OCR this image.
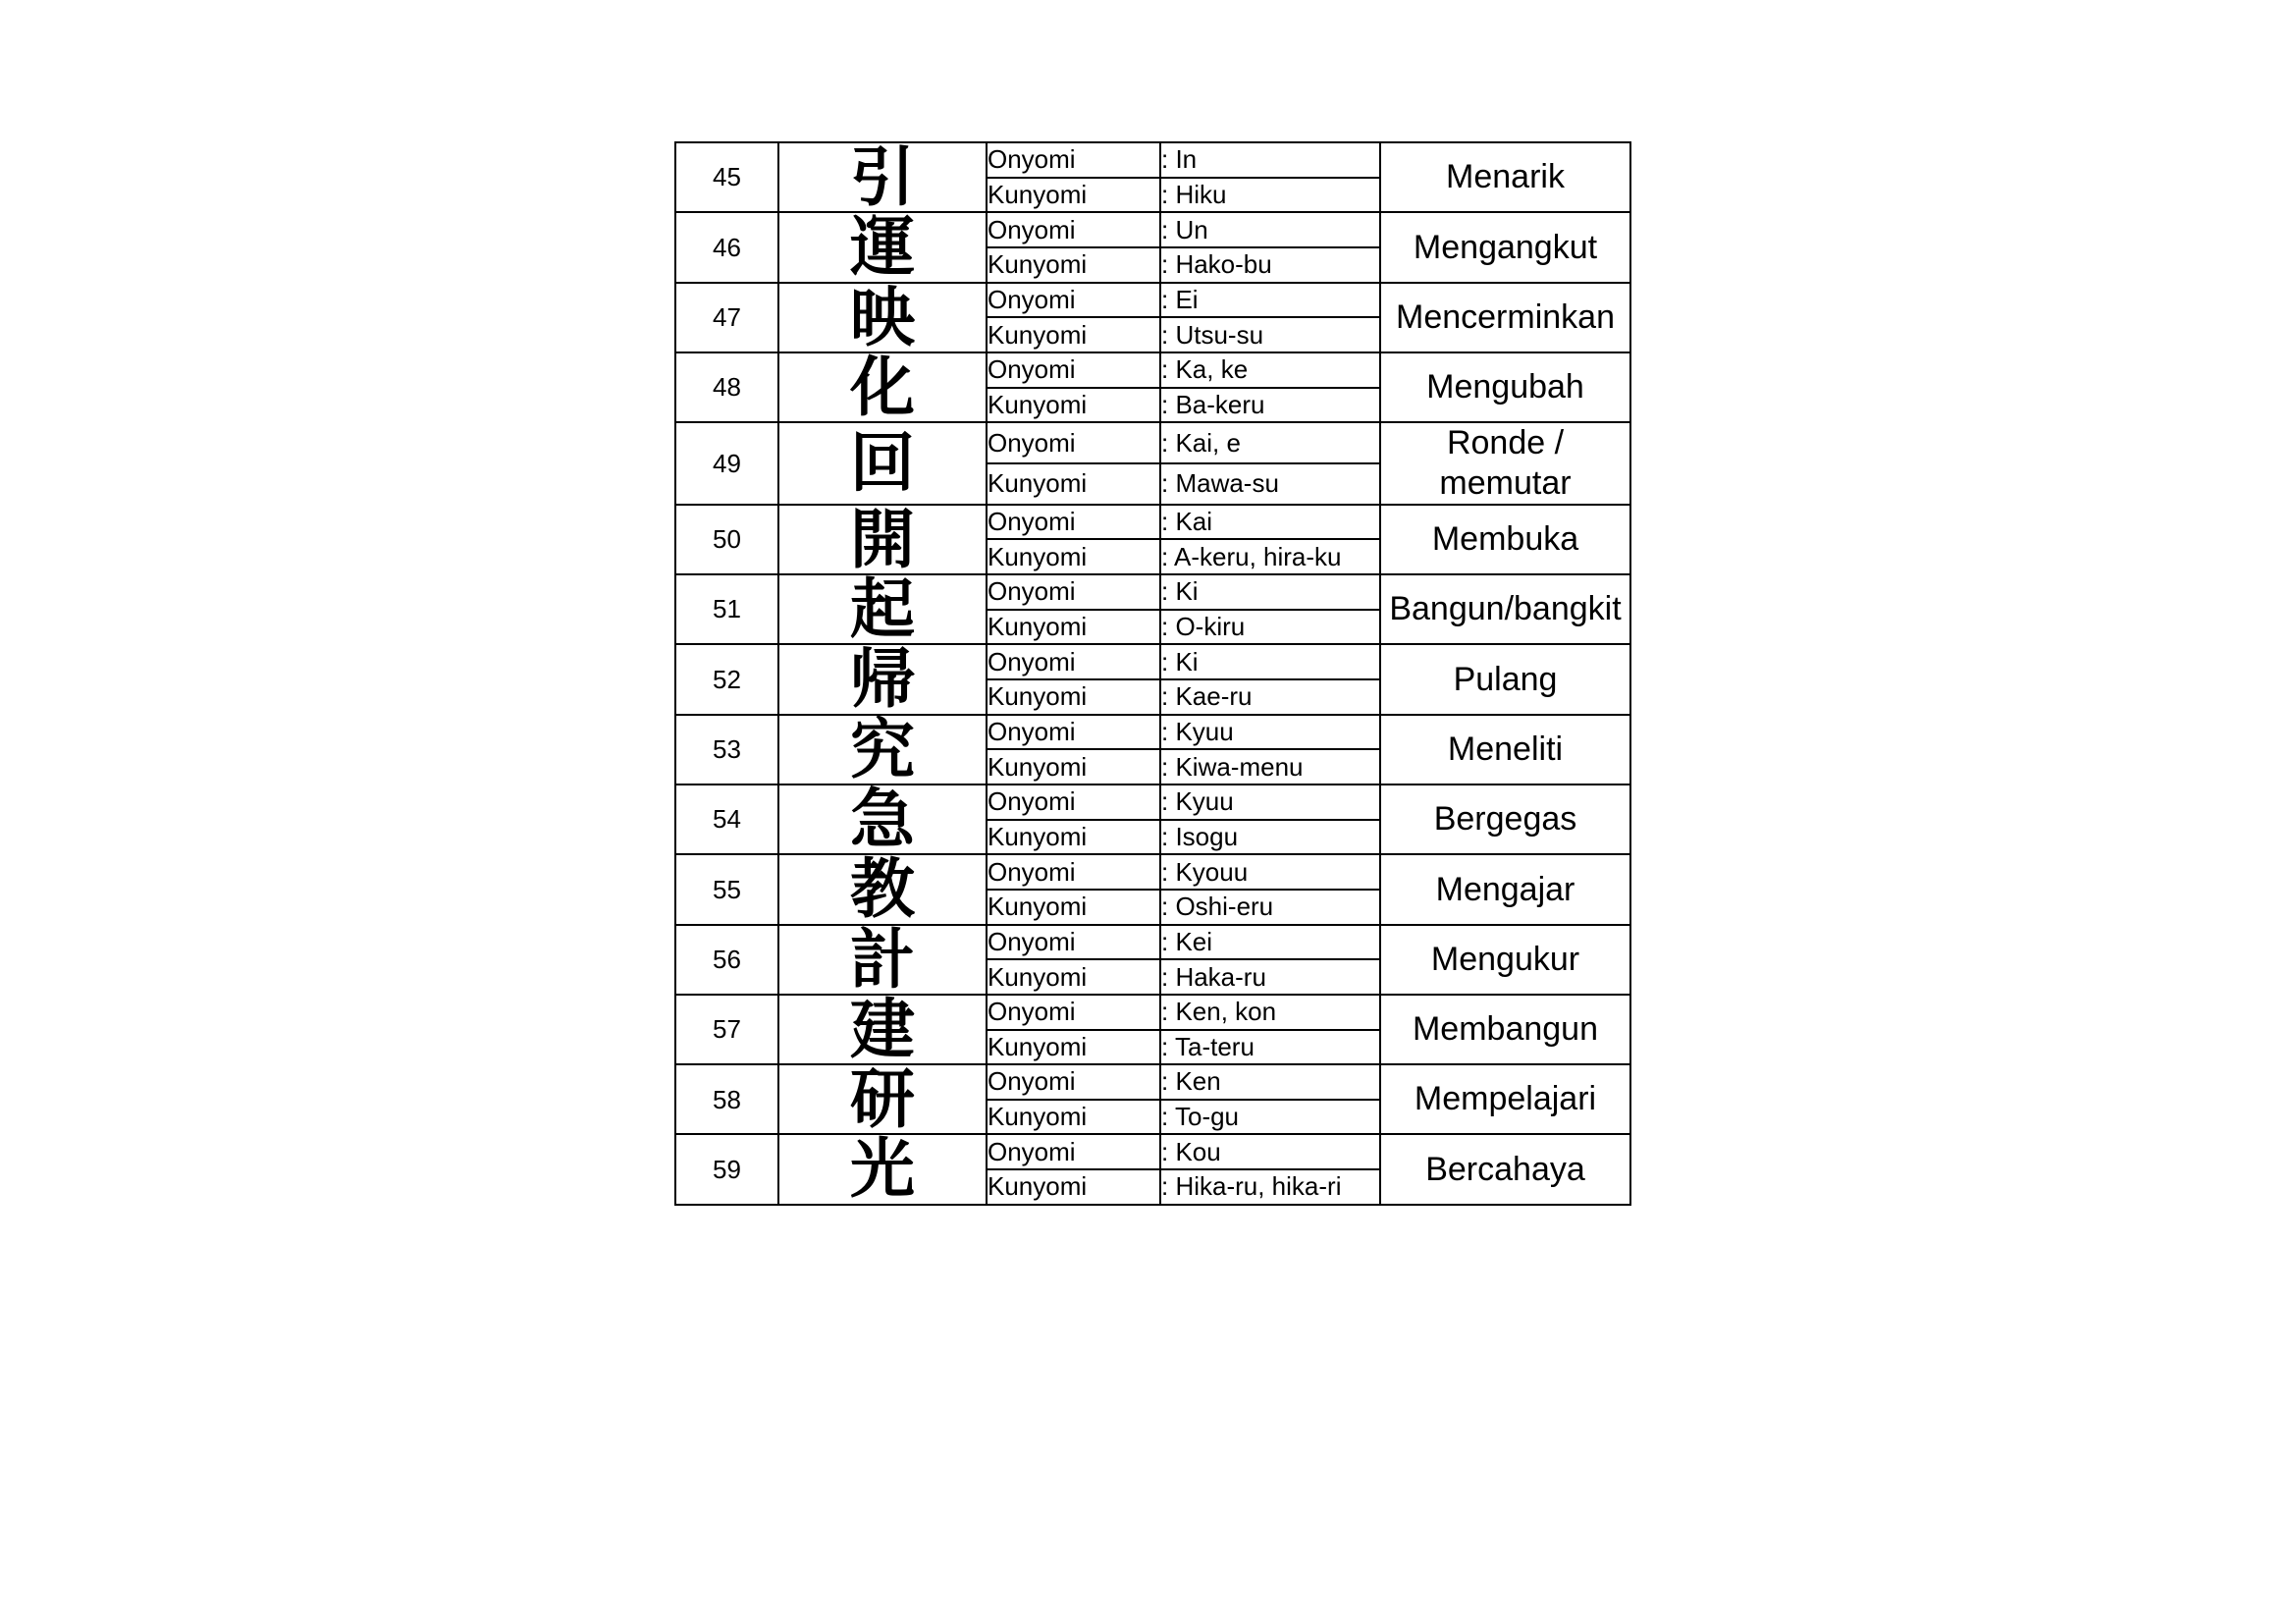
45	引	Onyomi	: In	Menarik
		Kunyomi	: Hiku	
46	運	Onyomi	: Un	Mengangkut
		Kunyomi	: Hako-bu	
47	映	Onyomi	: Ei	Mencerminkan
		Kunyomi	: Utsu-su	
48	化	Onyomi	: Ka, ke	Mengubah
		Kunyomi	: Ba-keru	
49	回	Onyomi	: Kai, e	Ronde / memutar
		Kunyomi	: Mawa-su	
50	開	Onyomi	: Kai	Membuka
		Kunyomi	: A-keru, hira-ku	
51	起	Onyomi	: Ki	Bangun/bangkit
		Kunyomi	: O-kiru	
52	帰	Onyomi	: Ki	Pulang
		Kunyomi	: Kae-ru	
53	究	Onyomi	: Kyuu	Meneliti
		Kunyomi	: Kiwa-menu	
54	急	Onyomi	: Kyuu	Bergegas
		Kunyomi	: Isogu	
55	教	Onyomi	: Kyouu	Mengajar
		Kunyomi	: Oshi-eru	
56	計	Onyomi	: Kei	Mengukur
		Kunyomi	: Haka-ru	
57	建	Onyomi	: Ken, kon	Membangun
		Kunyomi	: Ta-teru	
58	研	Onyomi	: Ken	Mempelajari
		Kunyomi	: To-gu	
59	光	Onyomi	: Kou	Bercahaya
		Kunyomi	: Hika-ru, hika-ri	
